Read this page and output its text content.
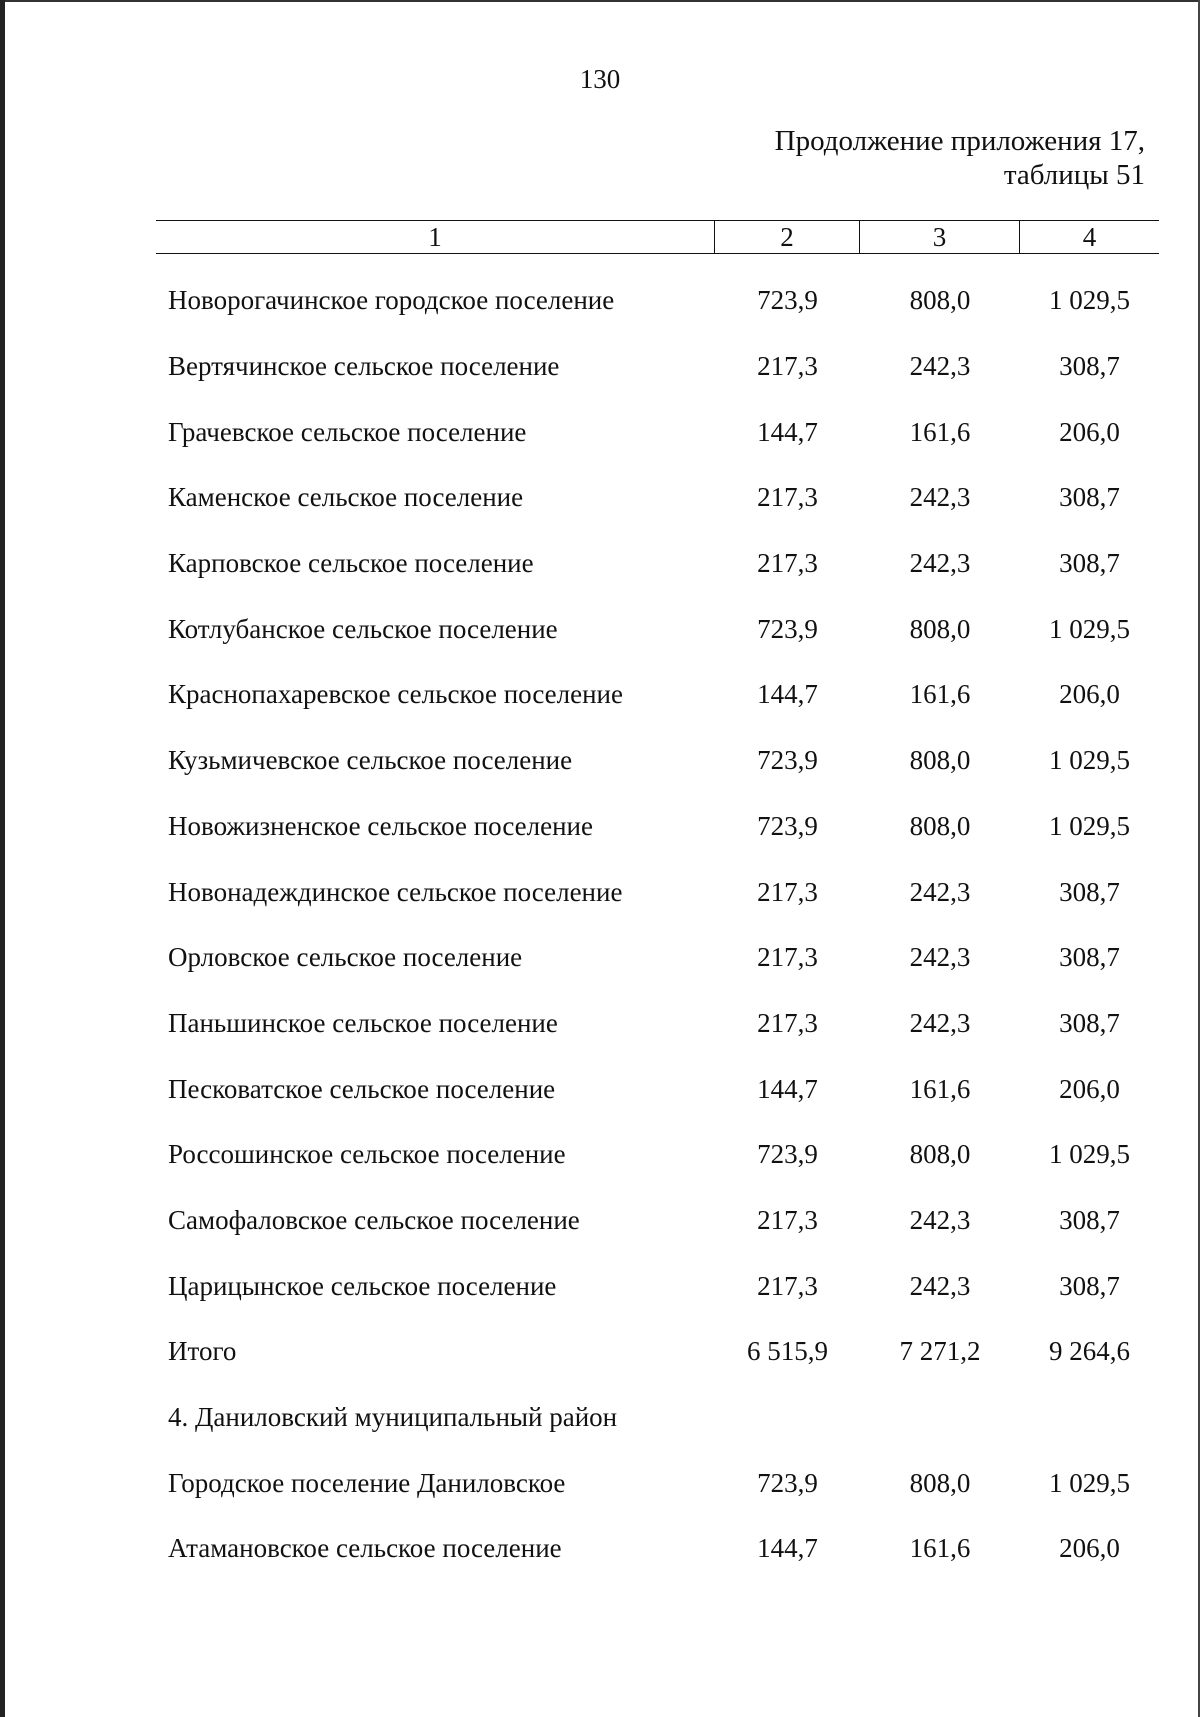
130
Продолжение приложения 17,
таблицы 51
1	2	3	4
Новорогачинское городское поселение	723,9	808,0	1 029,5
Вертячинское сельское поселение	217,3	242,3	308,7
Грачевское сельское поселение	144,7	161,6	206,0
Каменское сельское поселение	217,3	242,3	308,7
Карповское сельское поселение	217,3	242,3	308,7
Котлубанское сельское поселение	723,9	808,0	1 029,5
Краснопахаревское сельское поселение	144,7	161,6	206,0
Кузьмичевское сельское поселение	723,9	808,0	1 029,5
Новожизненское сельское поселение	723,9	808,0	1 029,5
Новонадеждинское сельское поселение	217,3	242,3	308,7
Орловское сельское поселение	217,3	242,3	308,7
Паньшинское сельское поселение	217,3	242,3	308,7
Песковатское сельское поселение	144,7	161,6	206,0
Россошинское сельское поселение	723,9	808,0	1 029,5
Самофаловское сельское поселение	217,3	242,3	308,7
Царицынское сельское поселение	217,3	242,3	308,7
Итого	6 515,9	7 271,2	9 264,6
4. Даниловский муниципальный район
Городское поселение Даниловское	723,9	808,0	1 029,5
Атамановское сельское поселение	144,7	161,6	206,0
